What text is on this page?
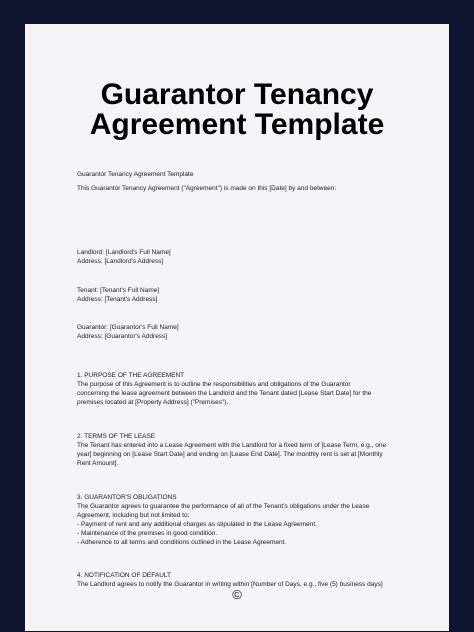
Guarantor Tenancy
Agreement Template

Guarantor Tenancy Agreement Template

This Guarantor Tenancy Agreement ("Agreement") is made on this [Date] by and between:

Landlord: [Landlord's Full Name]

Address: [Landlord's Address]

Tenant: [Tenant's Full Name]

Address: [Tenant's Address]

Guarantor: [Guarantor's Full Name]

Address: [Guarantor's Address]

1. PURPOSE OF THE AGREEMENT

The purpose of this Agreement is to outline the responsibilities and obligations of the Guarantor

concerning the lease agreement between the Landlord and the Tenant dated [Lease Start Date] for the

premises located at [Property Address] ("Premises").

2. TERMS OF THE LEASE

The Tenant has entered into a Lease Agreement with the Landlord for a fixed term of [Lease Term, e.g., one

year] beginning on [Lease Start Date] and ending on [Lease End Date]. The monthly rent is set at [Monthly

Rent Amount].

3. GUARANTOR'S OBLIGATIONS

The Guarantor agrees to guarantee the performance of all of the Tenant's obligations under the Lease

Agreement, including but not limited to:

- Payment of rent and any additional charges as stipulated in the Lease Agreement.

- Maintenance of the premises in good condition.

- Adherence to all terms and conditions outlined in the Lease Agreement.

4. NOTIFICATION OF DEFAULT

The Landlord agrees to notify the Guarantor in writing within [Number of Days, e.g., five (5) business days]

©
